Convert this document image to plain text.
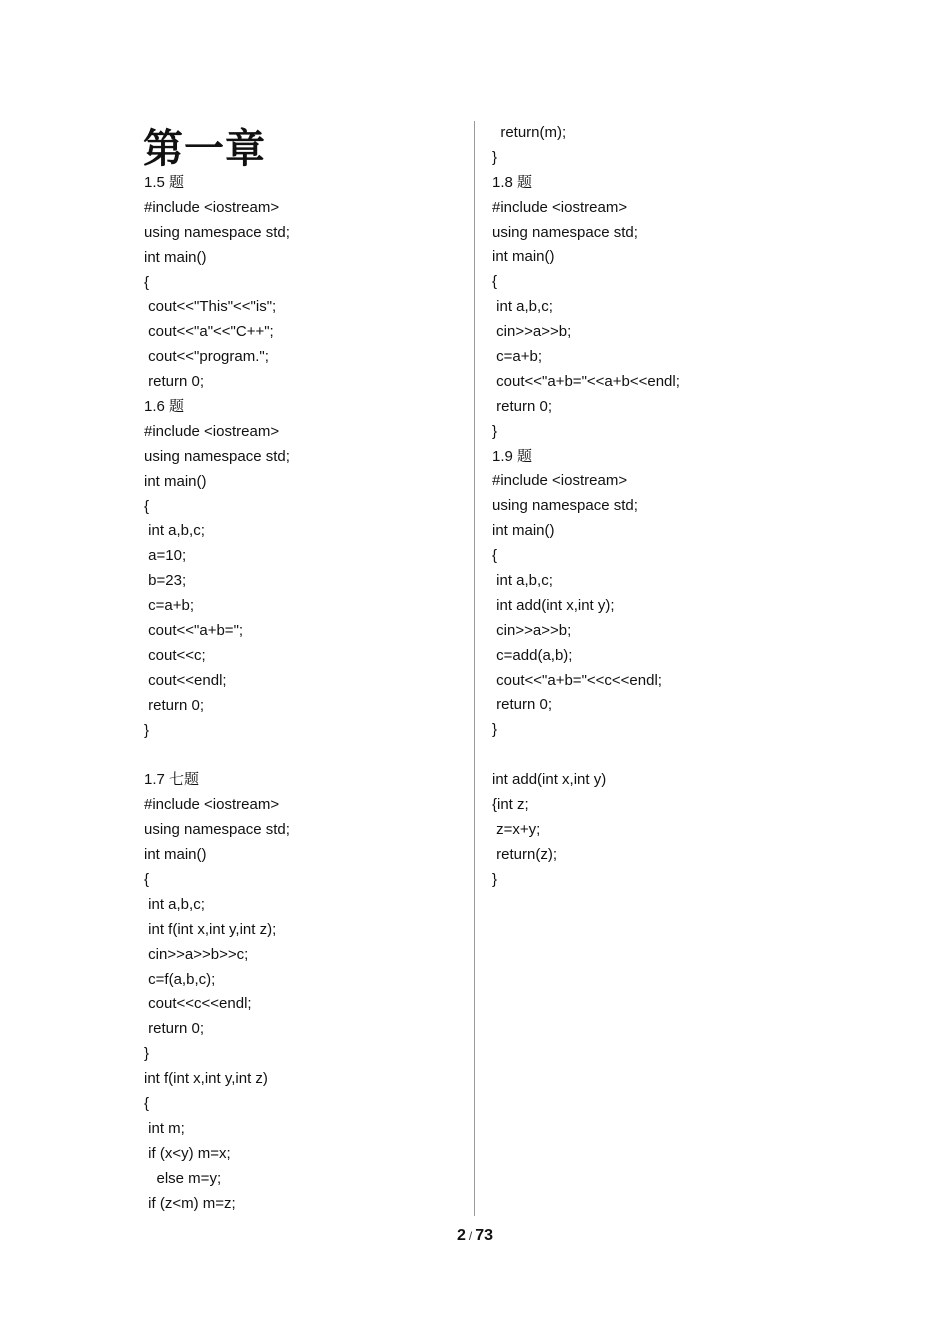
第一章
1.5 题
#include <iostream>
using namespace std;
int main()
{
cout<<"This"<<"is";
cout<<"a"<<"C++";
cout<<"program.";
return 0;
1.6 题
#include <iostream>
using namespace std;
int main()
{
int a,b,c;
a=10;
b=23;
c=a+b;
cout<<"a+b=";
cout<<c;
cout<<endl;
return 0;
}
1.7 七题
#include <iostream>
using namespace std;
int main()
{
int a,b,c;
int f(int x,int y,int z);
cin>>a>>b>>c;
c=f(a,b,c);
cout<<c<<endl;
return 0;
}
int f(int x,int y,int z)
{
int m;
if (x<y) m=x;
else m=y;
if (z<m) m=z;
return(m);
}
1.8 题
#include <iostream>
using namespace std;
int main()
{
int a,b,c;
cin>>a>>b;
c=a+b;
cout<<"a+b="<<a+b<<endl;
return 0;
}
1.9 题
#include <iostream>
using namespace std;
int main()
{
int a,b,c;
int add(int x,int y);
cin>>a>>b;
c=add(a,b);
cout<<"a+b="<<c<<endl;
return 0;
}
int add(int x,int y)
{int z;
z=x+y;
return(z);
}
2 / 73
